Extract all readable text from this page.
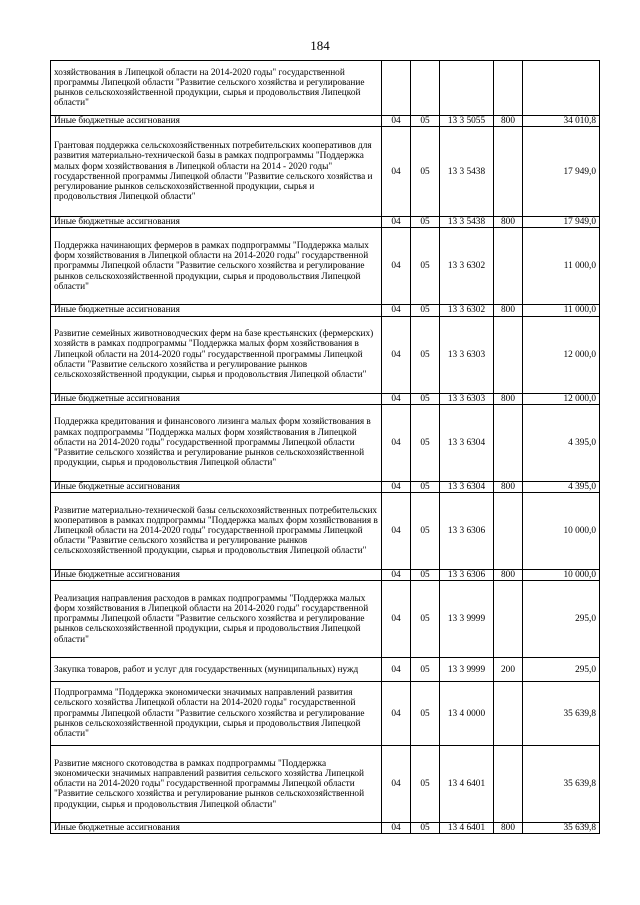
184
хозяйствования в Липецкой области на 2014-2020 годы" государственной программы Липецкой области "Развитие сельского хозяйства и регулирование рынков сельскохозяйственной продукции, сырья и продовольствия Липецкой области"					
Иные бюджетные ассигнования	04	05	13 3 5055	800	34 010,8
Грантовая поддержка сельскохозяйственных потребительских кооперативов для развития материально-технической базы в рамках подпрограммы "Поддержка малых форм хозяйствования в Липецкой области на 2014 - 2020 годы" государственной программы Липецкой области "Развитие сельского хозяйства и регулирование рынков сельскохозяйственной продукции, сырья и продовольствия Липецкой области"	04	05	13 3 5438		17 949,0
Иные бюджетные ассигнования	04	05	13 3 5438	800	17 949,0
Поддержка начинающих фермеров в рамках подпрограммы "Поддержка малых форм хозяйствования в Липецкой области на 2014-2020 годы" государственной программы Липецкой области "Развитие сельского хозяйства и регулирование рынков сельскохозяйственной продукции, сырья и продовольствия Липецкой области"	04	05	13 3 6302		11 000,0
Иные бюджетные ассигнования	04	05	13 3 6302	800	11 000,0
Развитие семейных животноводческих ферм на базе крестьянских (фермерских) хозяйств в рамках подпрограммы "Поддержка малых форм хозяйствования в Липецкой области на 2014-2020 годы" государственной программы Липецкой области "Развитие сельского хозяйства и регулирование рынков сельскохозяйственной продукции, сырья и продовольствия Липецкой области"	04	05	13 3 6303		12 000,0
Иные бюджетные ассигнования	04	05	13 3 6303	800	12 000,0
Поддержка кредитования и финансового лизинга малых форм хозяйствования в рамках подпрограммы "Поддержка малых форм хозяйствования в Липецкой области на 2014-2020 годы" государственной программы Липецкой области "Развитие сельского хозяйства и регулирование рынков сельскохозяйственной продукции, сырья и продовольствия Липецкой области"	04	05	13 3 6304		4 395,0
Иные бюджетные ассигнования	04	05	13 3 6304	800	4 395,0
Развитие материально-технической базы сельскохозяйственных потребительских кооперативов в рамках подпрограммы "Поддержка малых форм хозяйствования в Липецкой области на 2014-2020 годы" государственной программы Липецкой области "Развитие сельского хозяйства и регулирование рынков сельскохозяйственной продукции, сырья и продовольствия Липецкой области"	04	05	13 3 6306		10 000,0
Иные бюджетные ассигнования	04	05	13 3 6306	800	10 000,0
Реализация направления расходов в рамках подпрограммы "Поддержка малых форм хозяйствования в Липецкой области на 2014-2020 годы" государственной программы Липецкой области "Развитие сельского хозяйства и регулирование рынков сельскохозяйственной продукции, сырья и продовольствия Липецкой области"	04	05	13 3 9999		295,0
Закупка товаров, работ и услуг для государственных (муниципальных) нужд	04	05	13 3 9999	200	295,0
Подпрограмма "Поддержка экономически значимых направлений развития сельского хозяйства Липецкой области на 2014-2020 годы" государственной программы Липецкой области "Развитие сельского хозяйства и регулирование рынков сельскохозяйственной продукции, сырья и продовольствия Липецкой области"	04	05	13 4 0000		35 639,8
Развитие мясного скотоводства в рамках подпрограммы "Поддержка экономически значимых направлений развития сельского хозяйства Липецкой области на 2014-2020 годы" государственной программы Липецкой области "Развитие сельского хозяйства и регулирование рынков сельскохозяйственной продукции, сырья и продовольствия Липецкой области"	04	05	13 4 6401		35 639,8
Иные бюджетные ассигнования	04	05	13 4 6401	800	35 639,8
